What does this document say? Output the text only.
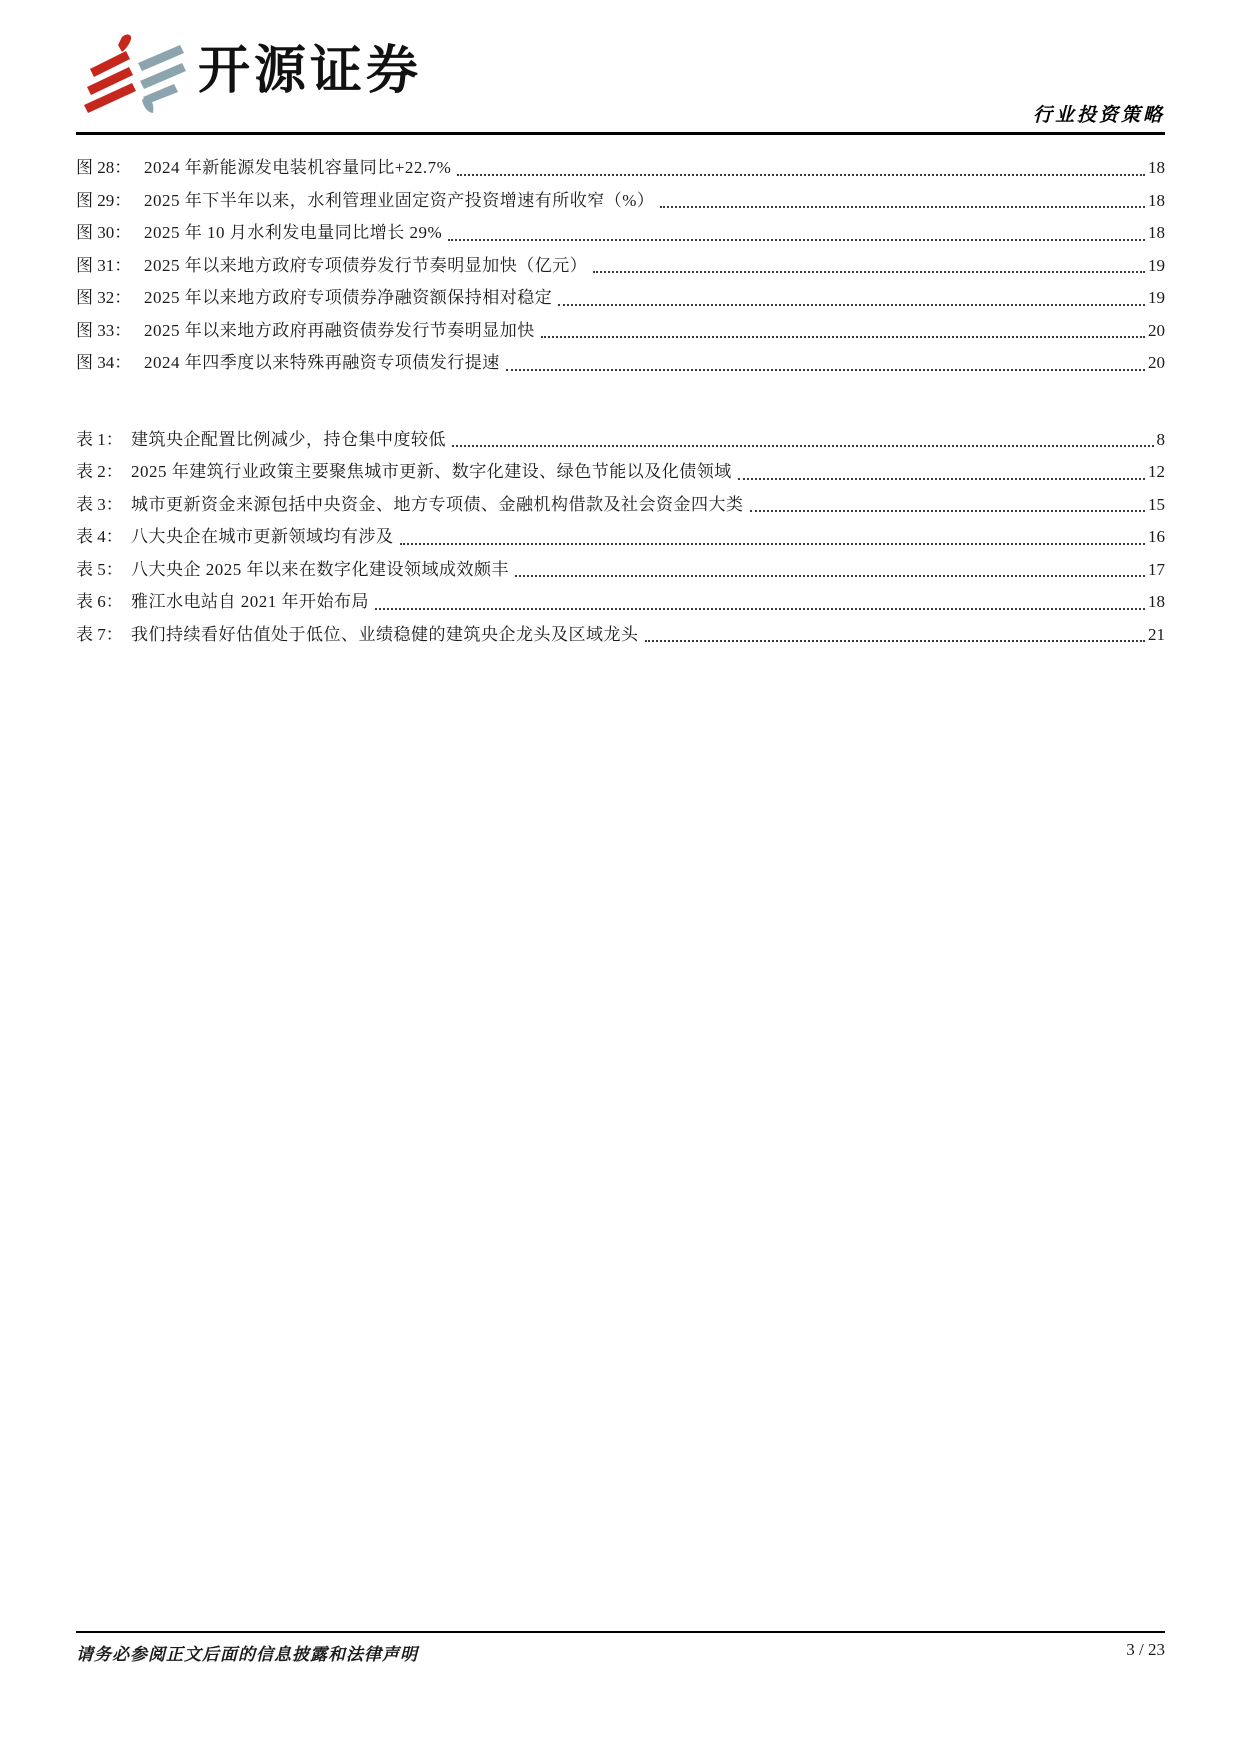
开源证券
行业投资策略
图 28： 2024 年新能源发电装机容量同比+22.7%	18
图 29： 2025 年下半年以来，水利管理业固定资产投资增速有所收窄（%）	18
图 30： 2025 年 10 月水利发电量同比增长 29%	18
图 31： 2025 年以来地方政府专项债券发行节奏明显加快（亿元）	19
图 32： 2025 年以来地方政府专项债券净融资额保持相对稳定	19
图 33： 2025 年以来地方政府再融资债券发行节奏明显加快	20
图 34： 2024 年四季度以来特殊再融资专项债发行提速	20
表 1： 建筑央企配置比例减少，持仓集中度较低	8
表 2： 2025 年建筑行业政策主要聚焦城市更新、数字化建设、绿色节能以及化债领域	12
表 3： 城市更新资金来源包括中央资金、地方专项债、金融机构借款及社会资金四大类	15
表 4： 八大央企在城市更新领域均有涉及	16
表 5： 八大央企 2025 年以来在数字化建设领域成效颇丰	17
表 6： 雅江水电站自 2021 年开始布局	18
表 7： 我们持续看好估值处于低位、业绩稳健的建筑央企龙头及区域龙头	21
请务必参阅正文后面的信息披露和法律声明	3 / 23
